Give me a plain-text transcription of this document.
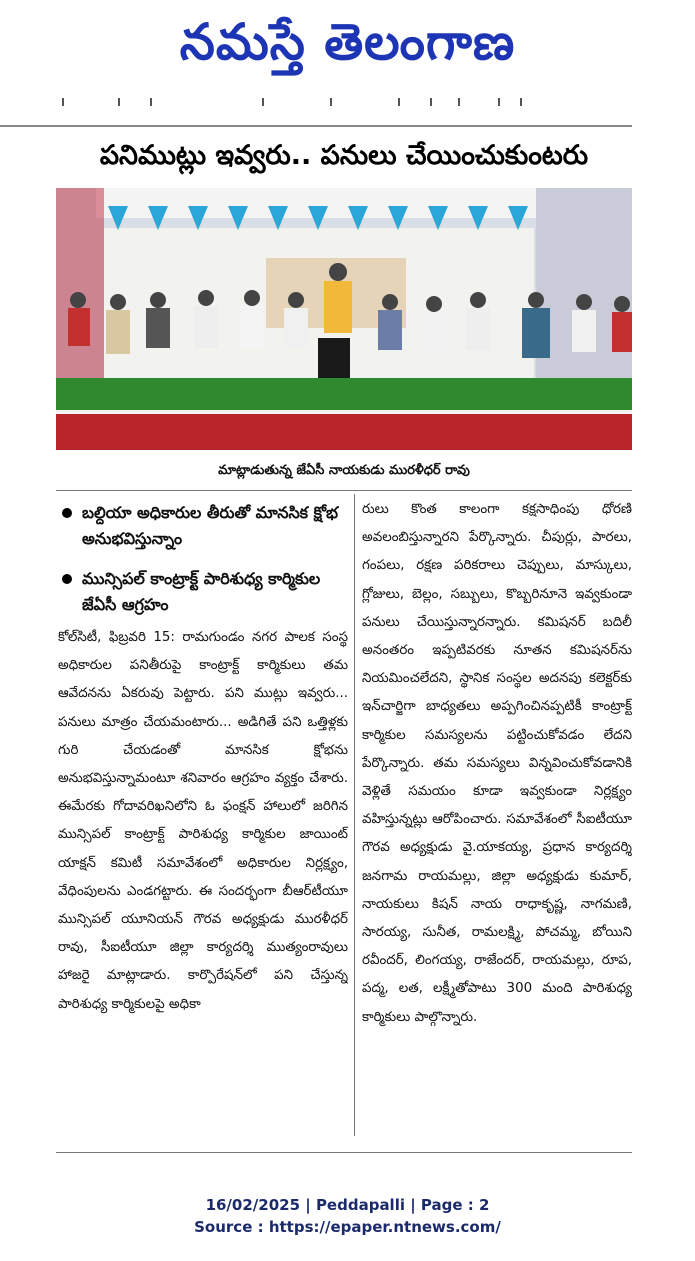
నమస్తే తెలంగాణ
పనిముట్లు ఇవ్వరు.. పనులు చేయించుకుంటరు
మాట్లాడుతున్న జేఏసీ నాయకుడు మురళీధర్ రావు
బల్దియా అధికారుల తీరుతో మానసిక క్షోభ అనుభవిస్తున్నాం
మున్సిపల్ కాంట్రాక్ట్ పారిశుధ్య కార్మికుల జేఏసీ ఆగ్రహం
కోల్‌సిటీ, ఫిబ్రవరి 15: రామగుండం నగర పాలక సంస్థ అధికారుల పనితీరుపై కాంట్రాక్ట్ కార్మికులు తమ ఆవేదనను ఏకరువు పెట్టారు. పని ముట్లు ఇవ్వరు... పనులు మాత్రం చేయమంటారు... అడిగితే పని ఒత్తిళ్లకు గురి చేయడంతో మానసిక క్షోభను అనుభవిస్తున్నామంటూ శనివారం ఆగ్రహం వ్యక్తం చేశారు. ఈమేరకు గోదావరిఖనిలోని ఓ ఫంక్షన్ హాలులో జరిగిన మున్సిపల్ కాంట్రాక్ట్ పారిశుధ్య కార్మికుల జాయింట్ యాక్షన్ కమిటీ సమావేశంలో అధికారుల నిర్లక్ష్యం, వేధింపులను ఎండగట్టారు. ఈ సందర్భంగా బీఆర్‌టీయూ మున్సిపల్ యూనియన్ గౌరవ అధ్యక్షుడు మురళీధర్ రావు, సీఐటీయూ జిల్లా కార్యదర్శి ముత్యంరావులు హాజరై మాట్లాడారు. కార్పొరేషన్‌లో పని చేస్తున్న పారిశుధ్య కార్మికులపై అధికా
రులు కొంత కాలంగా కక్షసాధింపు ధోరణి అవలంబిస్తున్నారని పేర్కొన్నారు. చీపుర్లు, పారలు, గంపలు, రక్షణ పరికరాలు చెప్పులు, మాస్కులు, గ్లోజులు, బెల్లం, సబ్బులు, కొబ్బరినూనె ఇవ్వకుండా పనులు చేయిస్తున్నారన్నారు. కమిషనర్ బదిలీ అనంతరం ఇప్పటివరకు నూతన కమిషనర్‌ను నియమించలేదని, స్థానిక సంస్థల అదనపు కలెక్టర్‌కు ఇన్‌చార్జిగా బాధ్యతలు అప్పగించినప్పటికీ కాంట్రాక్ట్ కార్మికుల సమస్యలను పట్టించుకోవడం లేదని పేర్కొన్నారు. తమ సమస్యలు విన్నవించుకోవడానికి వెళ్లితే సమయం కూడా ఇవ్వకుండా నిర్లక్ష్యం వహిస్తున్నట్లు ఆరోపించారు. సమావేశంలో సీఐటీయూ గౌరవ అధ్యక్షుడు వై.యాకయ్య, ప్రధాన కార్యదర్శి జనగామ రాయమల్లు, జిల్లా అధ్యక్షుడు కుమార్, నాయకులు కిషన్ నాయ రాధాకృష్ణ, నాగమణి, సారయ్య, సునీత, రామలక్ష్మి, పోచమ్మ, బోయిని రవీందర్, లింగయ్య, రాజేందర్, రాయమల్లు, రూప, పద్మ, లత, లక్ష్మీతోపాటు 300 మంది పారిశుధ్య కార్మికులు పాల్గొన్నారు.
16/02/2025 | Peddapalli | Page : 2
Source : https://epaper.ntnews.com/
